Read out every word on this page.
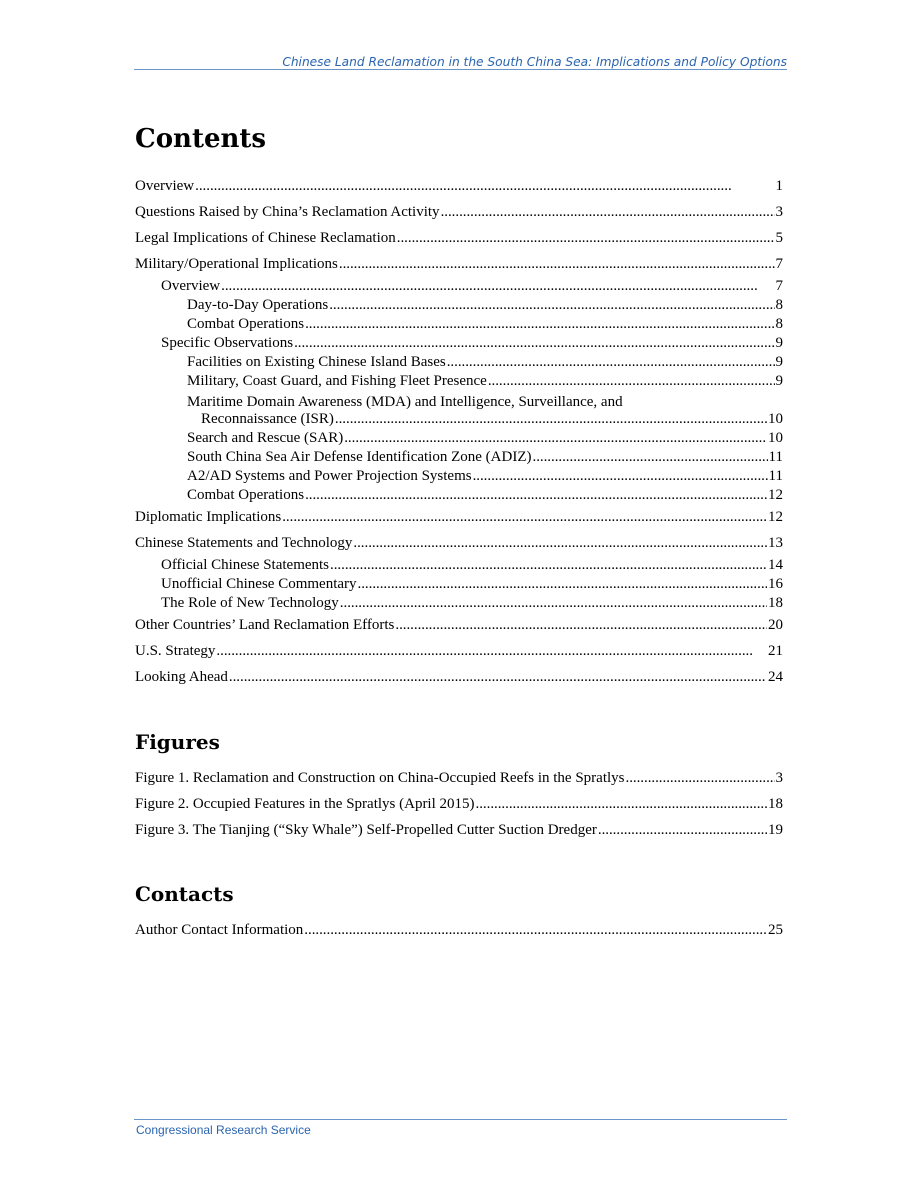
Chinese Land Reclamation in the South China Sea: Implications and Policy Options
Contents
Overview . . .	1
Questions Raised by China’s Reclamation Activity . . .	3
Legal Implications of Chinese Reclamation . . .	5
Military/Operational Implications . . .	7
Overview . . .	7
Day-to-Day Operations . . .	8
Combat Operations . . .	8
Specific Observations . . .	9
Facilities on Existing Chinese Island Bases . . .	9
Military, Coast Guard, and Fishing Fleet Presence . . .	9
Maritime Domain Awareness (MDA) and Intelligence, Surveillance, and
Reconnaissance (ISR) . . .	10
Search and Rescue (SAR) . . .	10
South China Sea Air Defense Identification Zone (ADIZ) . . .	11
A2/AD Systems and Power Projection Systems . . .	11
Combat Operations . . .	12
Diplomatic Implications . . .	12
Chinese Statements and Technology . . .	13
Official Chinese Statements . . .	14
Unofficial Chinese Commentary . . .	16
The Role of New Technology . . .	18
Other Countries’ Land Reclamation Efforts . . .	20
U.S. Strategy . . .	21
Looking Ahead . . .	24
Figures
Figure 1. Reclamation and Construction on China-Occupied Reefs in the Spratlys . . .	3
Figure 2. Occupied Features in the Spratlys (April 2015) . . .	18
Figure 3. The Tianjing (“Sky Whale”) Self-Propelled Cutter Suction Dredger . . .	19
Contacts
Author Contact Information . . .	25
Congressional Research Service
